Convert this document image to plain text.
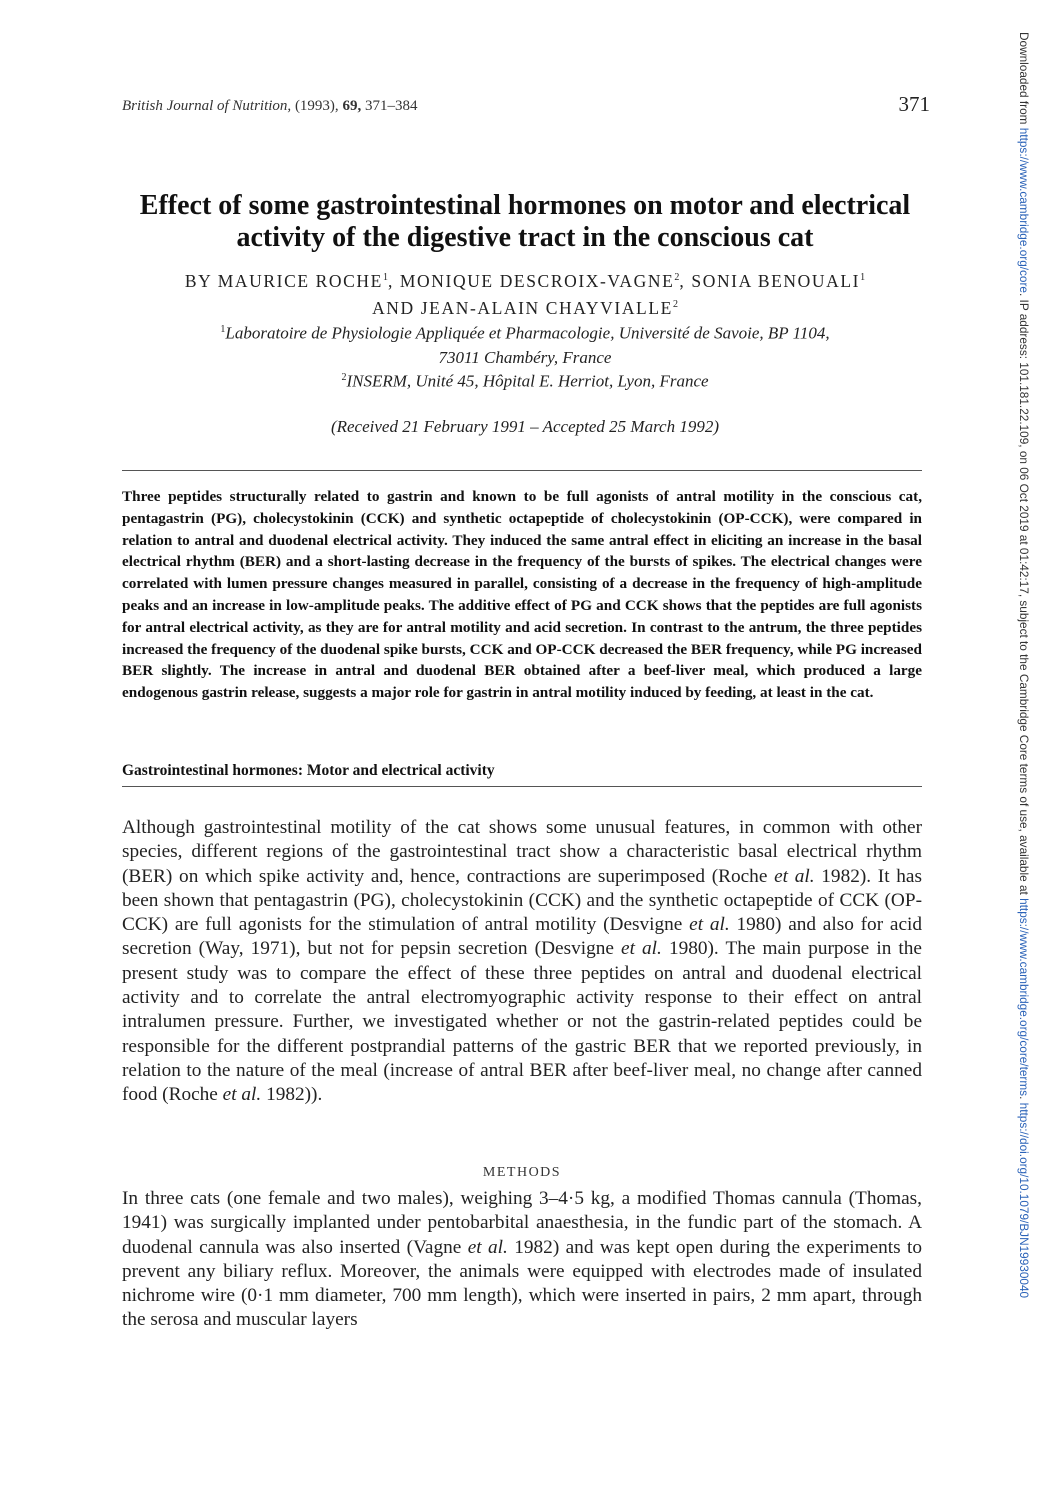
British Journal of Nutrition, (1993), 69, 371–384	371
Effect of some gastrointestinal hormones on motor and electrical
activity of the digestive tract in the conscious cat
BY MAURICE ROCHE$^1$, MONIQUE DESCROIX-VAGNE$^2$, SONIA BENOUALI$^1$
AND JEAN-ALAIN CHAYVIALLE$^2$
$^1$Laboratoire de Physiologie Appliquée et Pharmacologie, Université de Savoie, BP 1104,
73011 Chambéry, France
$^2$INSERM, Unité 45, Hôpital E. Herriot, Lyon, France
(Received 21 February 1991 – Accepted 25 March 1992)
Three peptides structurally related to gastrin and known to be full agonists of antral motility in the conscious cat, pentagastrin (PG), cholecystokinin (CCK) and synthetic octapeptide of cholecystokinin (OP-CCK), were compared in relation to antral and duodenal electrical activity. They induced the same antral effect in eliciting an increase in the basal electrical rhythm (BER) and a short-lasting decrease in the frequency of the bursts of spikes. The electrical changes were correlated with lumen pressure changes measured in parallel, consisting of a decrease in the frequency of high-amplitude peaks and an increase in low-amplitude peaks. The additive effect of PG and CCK shows that the peptides are full agonists for antral electrical activity, as they are for antral motility and acid secretion. In contrast to the antrum, the three peptides increased the frequency of the duodenal spike bursts, CCK and OP-CCK decreased the BER frequency, while PG increased BER slightly. The increase in antral and duodenal BER obtained after a beef-liver meal, which produced a large endogenous gastrin release, suggests a major role for gastrin in antral motility induced by feeding, at least in the cat.
Gastrointestinal hormones: Motor and electrical activity
Although gastrointestinal motility of the cat shows some unusual features, in common with other species, different regions of the gastrointestinal tract show a characteristic basal electrical rhythm (BER) on which spike activity and, hence, contractions are superimposed (Roche et al. 1982). It has been shown that pentagastrin (PG), cholecystokinin (CCK) and the synthetic octapeptide of CCK (OP-CCK) are full agonists for the stimulation of antral motility (Desvigne et al. 1980) and also for acid secretion (Way, 1971), but not for pepsin secretion (Desvigne et al. 1980). The main purpose in the present study was to compare the effect of these three peptides on antral and duodenal electrical activity and to correlate the antral electromyographic activity response to their effect on antral intralumen pressure. Further, we investigated whether or not the gastrin-related peptides could be responsible for the different postprandial patterns of the gastric BER that we reported previously, in relation to the nature of the meal (increase of antral BER after beef-liver meal, no change after canned food (Roche et al. 1982)).
METHODS
In three cats (one female and two males), weighing 3–4·5 kg, a modified Thomas cannula (Thomas, 1941) was surgically implanted under pentobarbital anaesthesia, in the fundic part of the stomach. A duodenal cannula was also inserted (Vagne et al. 1982) and was kept open during the experiments to prevent any biliary reflux. Moreover, the animals were equipped with electrodes made of insulated nichrome wire (0·1 mm diameter, 700 mm length), which were inserted in pairs, 2 mm apart, through the serosa and muscular layers
Downloaded from https://www.cambridge.org/core. IP address: 101.181.22.109, on 06 Oct 2019 at 01:42:17, subject to the Cambridge Core terms of use, available at https://www.cambridge.org/core/terms. https://doi.org/10.1079/BJN19930040
